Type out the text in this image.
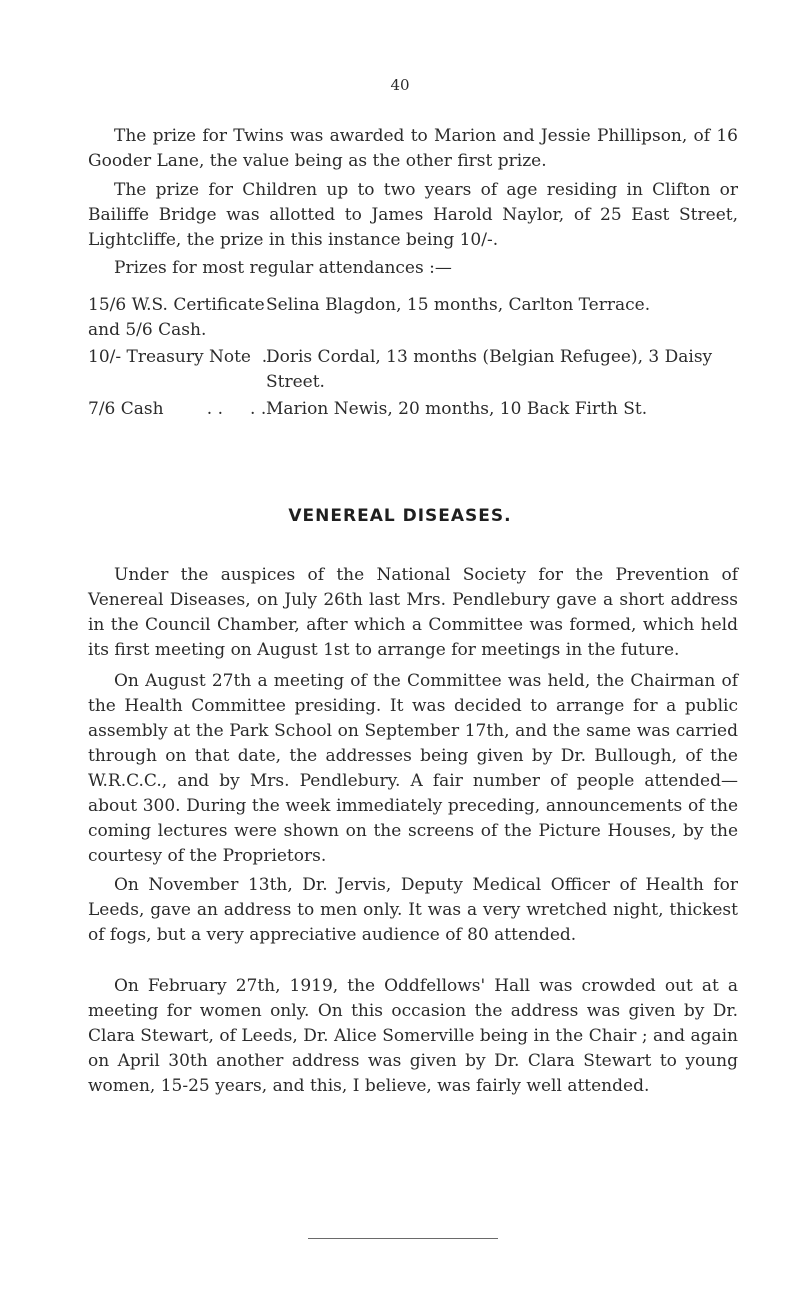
40

The prize for Twins was awarded to Marion and Jessie Phillipson, of 16 Gooder Lane, the value being as the other first prize.

The prize for Children up to two years of age residing in Clifton or Bailiffe Bridge was allotted to James Harold Naylor, of 25 East Street, Lightcliffe, the prize in this instance being 10/-.

Prizes for most regular attendances :—

15/6 W.S. Certificate and 5/6 Cash.
Selina Blagdon, 15 months, Carlton Terrace.
10/- Treasury Note  . .
Doris Cordal, 13 months (Belgian Refugee), 3 Daisy Street.
7/6 Cash        . .     . . Marion Newis, 20 months, 10 Back Firth St.
VENEREAL DISEASES.

Under the auspices of the National Society for the Prevention of Venereal Diseases, on July 26th last Mrs. Pendlebury gave a short address in the Council Chamber, after which a Committee was formed, which held its first meeting on August 1st to arrange for meetings in the future.

On August 27th a meeting of the Committee was held, the Chairman of the Health Committee presiding. It was decided to arrange for a public assembly at the Park School on September 17th, and the same was carried through on that date, the addresses being given by Dr. Bullough, of the W.R.C.C., and by Mrs. Pendlebury. A fair number of people attended—about 300. During the week immediately preceding, announcements of the coming lectures were shown on the screens of the Picture Houses, by the courtesy of the Proprietors.

On November 13th, Dr. Jervis, Deputy Medical Officer of Health for Leeds, gave an address to men only. It was a very wretched night, thickest of fogs, but a very appreciative audience of 80 attended.

On February 27th, 1919, the Oddfellows' Hall was crowded out at a meeting for women only. On this occasion the address was given by Dr. Clara Stewart, of Leeds, Dr. Alice Somerville being in the Chair ; and again on April 30th another address was given by Dr. Clara Stewart to young women, 15-25 years, and this, I believe, was fairly well attended.
